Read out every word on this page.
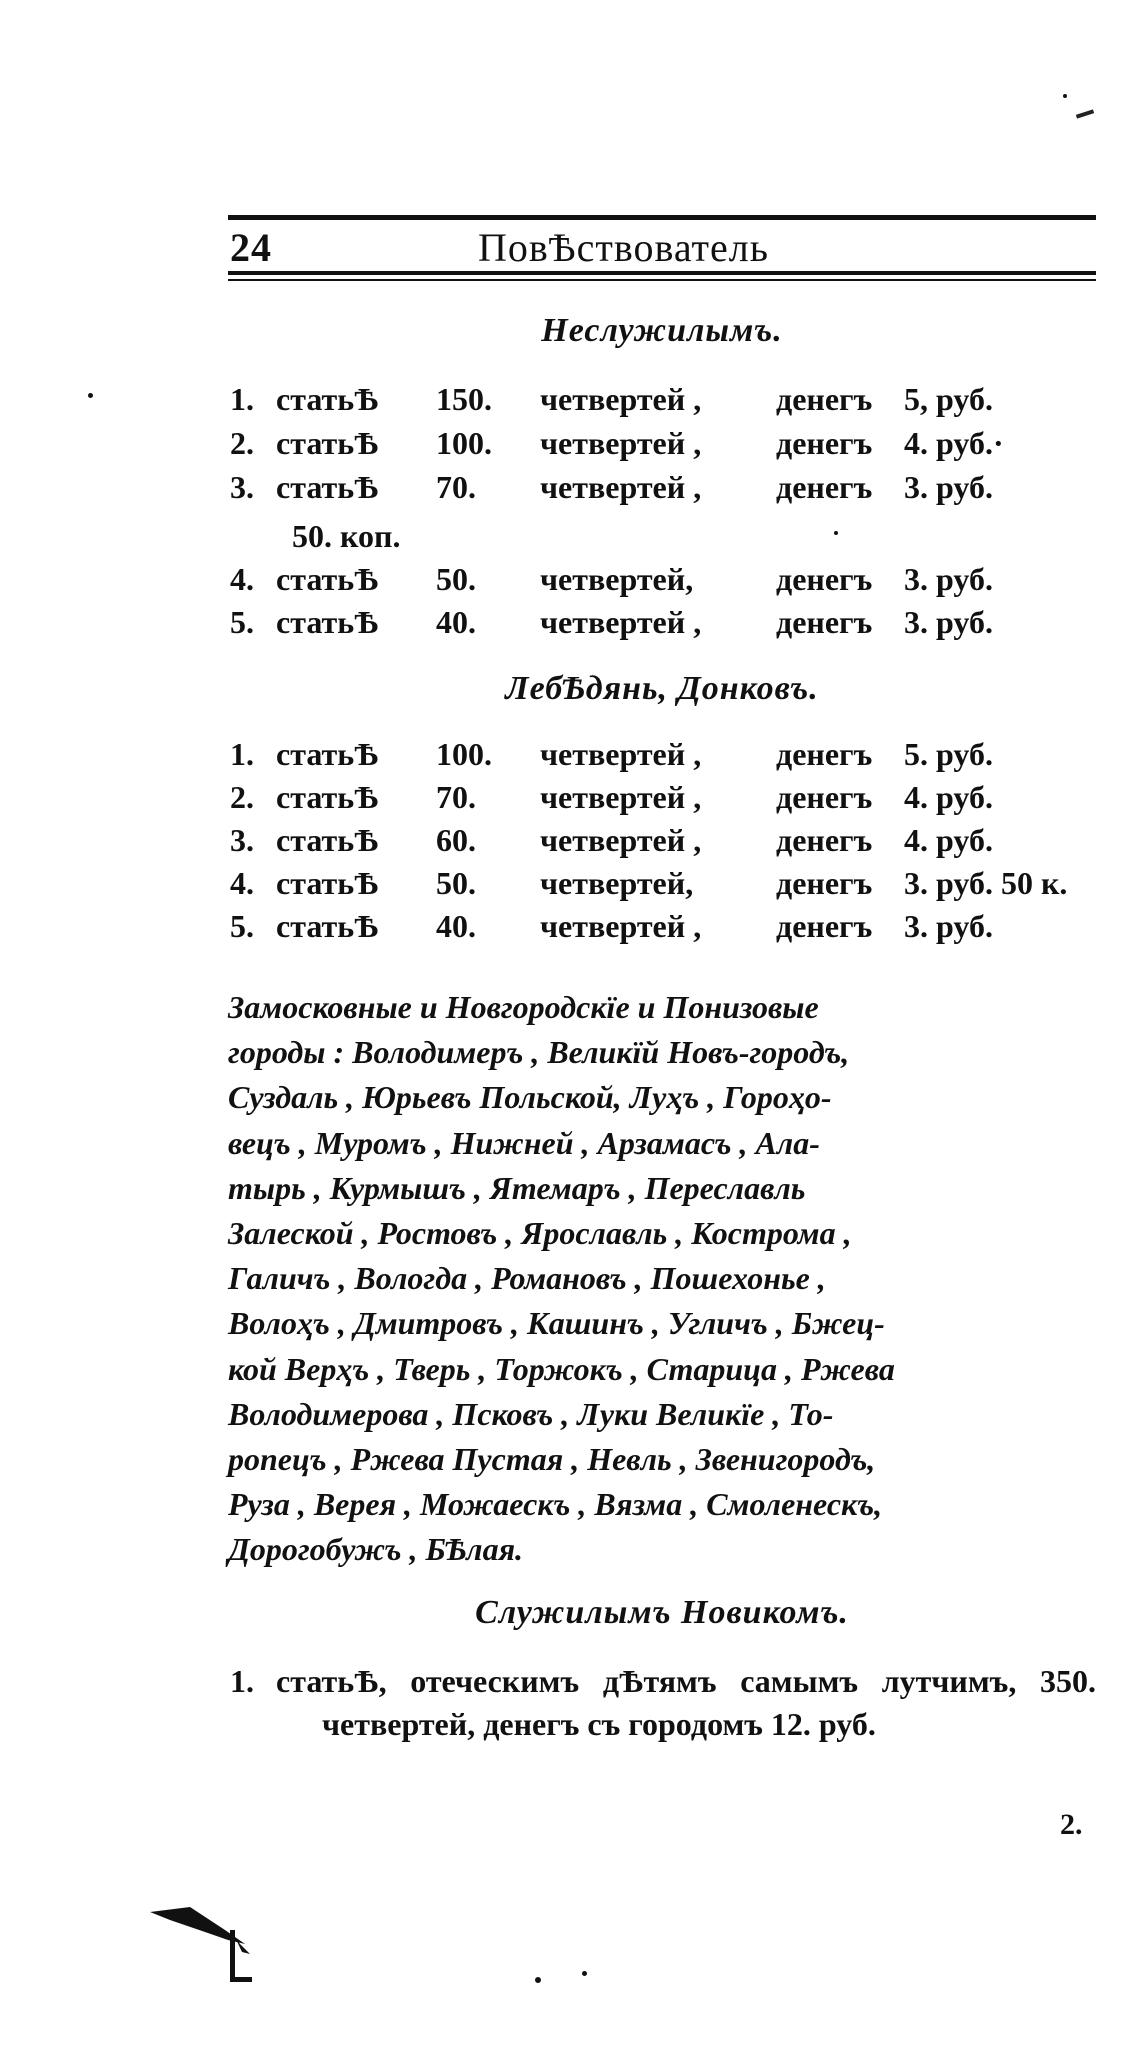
24	ПовѢствователь
Неслужилымъ.
1. статьѢ 150. четвертей , денегъ 5, руб.
2. статьѢ 100. четвертей , денегъ 4. руб.·
3. статьѢ 70. четвертей , денегъ 3. руб.
50. коп.
4. статьѢ 50. четвертей,	денегъ 3. руб.
5. статьѢ 40. четвертей , денегъ 3. руб.
ЛебѢдянь, Донковъ.
1. статьѢ 100. четвертей , денегъ 5. руб.
2. статьѢ 70. четвертей , денегъ 4. руб.
3. статьѢ 60. четвертей , денегъ 4. руб.
4. статьѢ 50. четвертей,	денегъ 3. руб. 50 к.
5. статьѢ 40. четвертей , денегъ 3. руб.
Замосковные и Новгородскїе и Понизовые
городы : Володимеръ , Великїй Новъ-городъ,
Суздаль , Юрьевъ Польской, Луҳъ , Гороҳо-
вецъ , Муромъ , Нижней , Арзамасъ , Ала-
тырь , Курмышъ , Ятемаръ , Переславль
Залеской , Ростовъ , Ярославль , Кострома ,
Галичъ , Вологда , Романовъ , Пошехонье ,
Волоҳъ , Дмитровъ , Кашинъ , Угличъ , Бжец-
кой Верҳъ , Тверь , Торжокъ , Старица , Ржева
Володимерова , Псковъ , Луки Великїе , То-
ропецъ , Ржева Пустая , Невль , Звенигородъ,
Руза , Верея , Можаескъ , Вязма , Смоленескъ,
Дорогобужъ , БѢлая.
Служилымъ Новикомъ.
1. статьѢ, отеческимъ дѢтямъ самымъ лутчимъ, 350. четвертей, денегъ съ городомъ 12. руб.
2.
